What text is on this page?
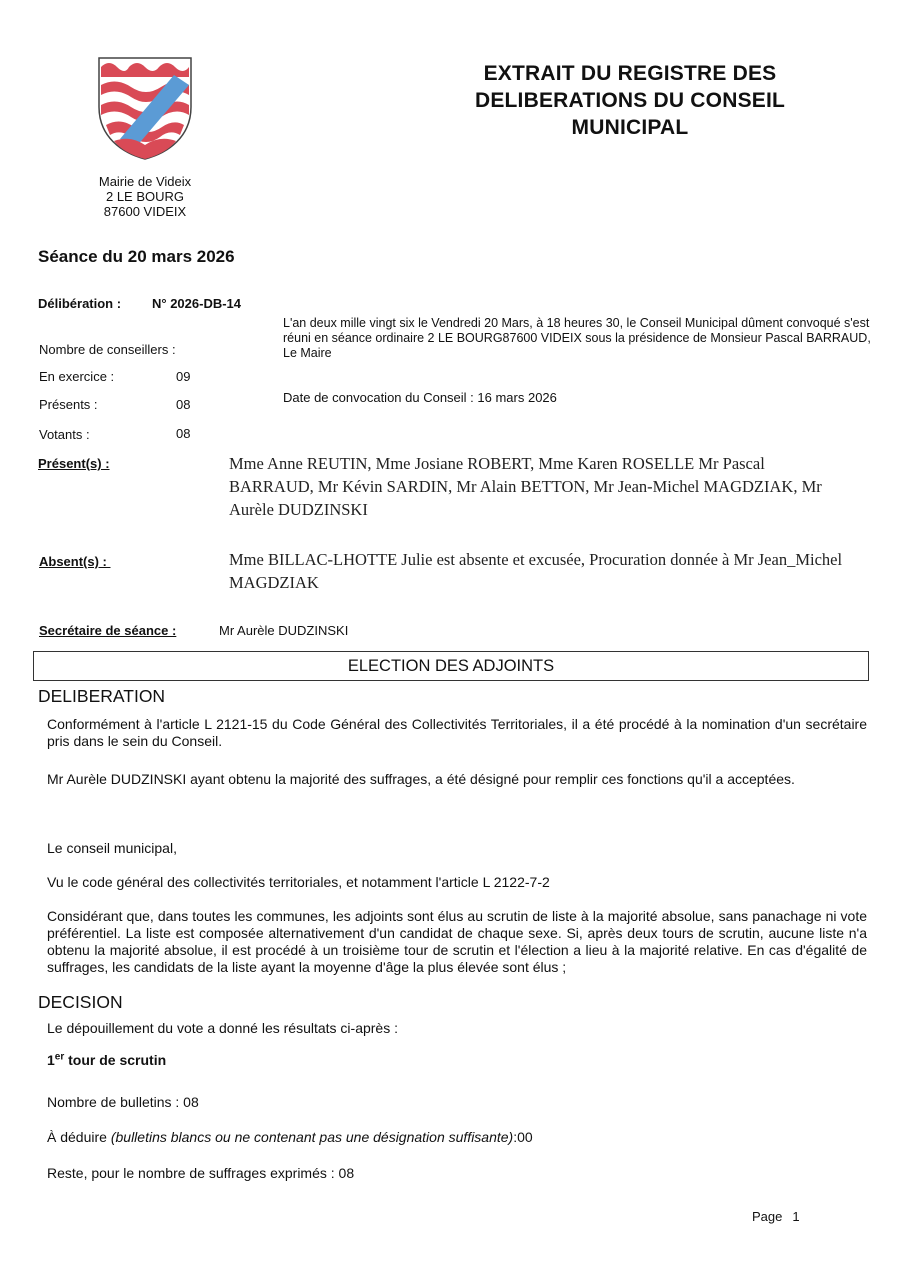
Mairie de Videix
2 LE BOURG
87600 VIDEIX
EXTRAIT DU REGISTRE DES
DELIBERATIONS DU CONSEIL
MUNICIPAL
Séance du 20 mars 2026
Délibération : N° 2026-DB-14
L'an deux mille vingt six le Vendredi 20 Mars, à 18 heures 30, le Conseil Municipal dûment convoqué s'est réuni en séance ordinaire 2 LE BOURG87600 VIDEIX sous la présidence de Monsieur Pascal BARRAUD, Le Maire
Date de convocation du Conseil : 16 mars 2026
Nombre de conseillers :
En exercice :	09
Présents :	08
Votants :	08
Présent(s) :	Mme Anne REUTIN, Mme Josiane ROBERT, Mme Karen ROSELLE Mr Pascal BARRAUD, Mr Kévin SARDIN, Mr Alain BETTON, Mr Jean-Michel MAGDZIAK, Mr Aurèle DUDZINSKI
Absent(s) :	Mme BILLAC-LHOTTE Julie est absente et excusée, Procuration donnée à Mr Jean_Michel MAGDZIAK
Secrétaire de séance :	Mr Aurèle DUDZINSKI
ELECTION DES ADJOINTS
DELIBERATION
Conformément à l'article L 2121-15 du Code Général des Collectivités Territoriales, il a été procédé à la nomination d'un secrétaire pris dans le sein du Conseil.
Mr Aurèle DUDZINSKI ayant obtenu la majorité des suffrages, a été désigné pour remplir ces fonctions qu'il a acceptées.
Le conseil municipal,
Vu le code général des collectivités territoriales, et notamment l'article L 2122-7-2
Considérant que, dans toutes les communes, les adjoints sont élus au scrutin de liste à la majorité absolue, sans panachage ni vote préférentiel. La liste est composée alternativement d'un candidat de chaque sexe. Si, après deux tours de scrutin, aucune liste n'a obtenu la majorité absolue, il est procédé à un troisième tour de scrutin et l'élection a lieu à la majorité relative. En cas d'égalité de suffrages, les candidats de la liste ayant la moyenne d'âge la plus élevée sont élus ;
DECISION
Le dépouillement du vote a donné les résultats ci-après :
1er tour de scrutin
Nombre de bulletins : 08
À déduire (bulletins blancs ou ne contenant pas une désignation suffisante):00
Reste, pour le nombre de suffrages exprimés : 08
Page 1
